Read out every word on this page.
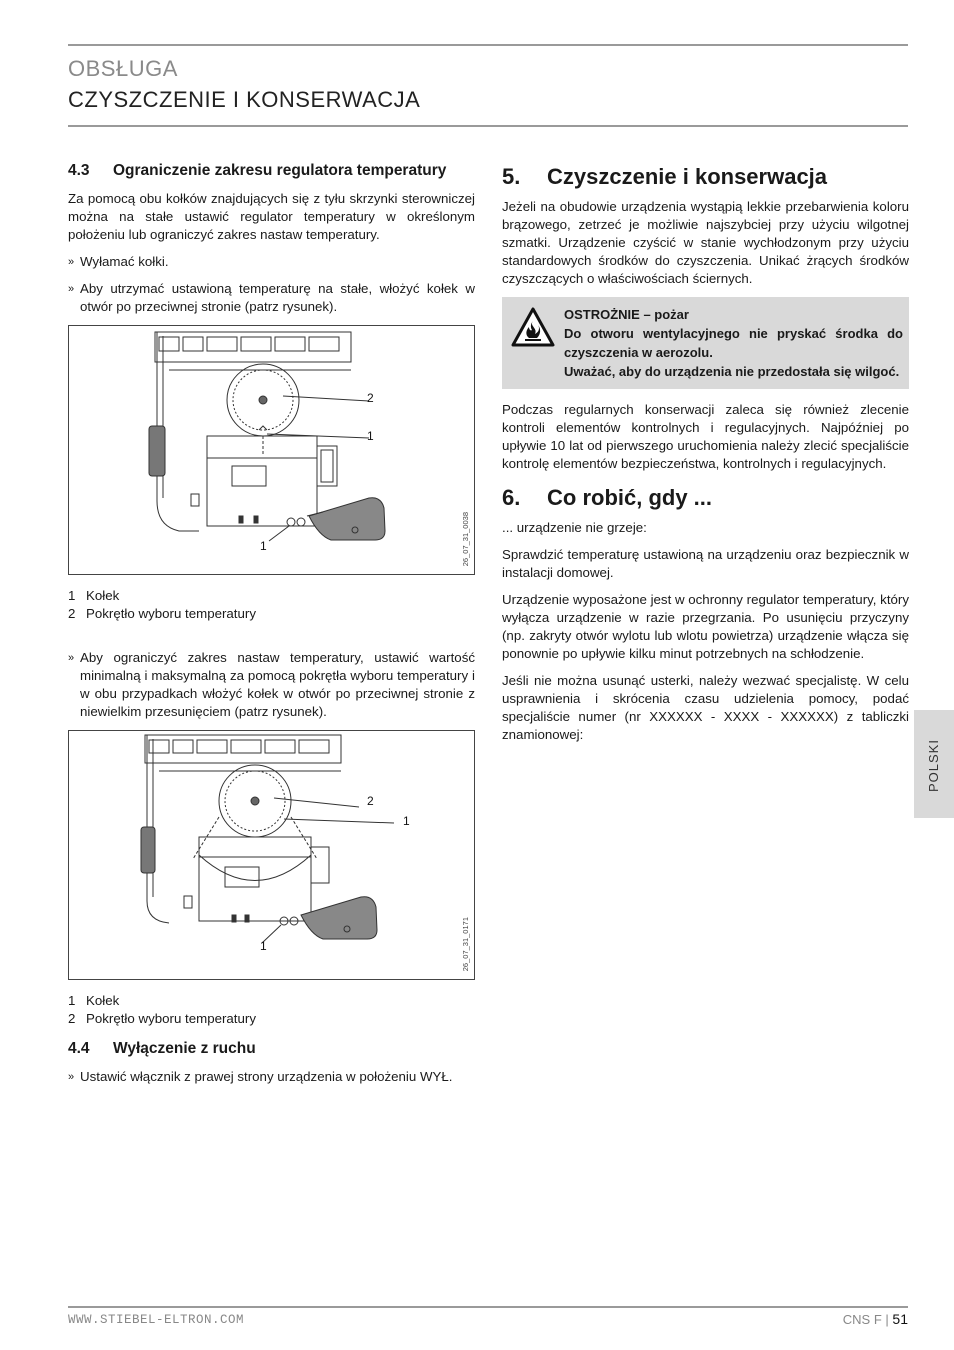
OBSŁUGA
CZYSZCZENIE I KONSERWACJA
4.3	Ograniczenie zakresu regulatora temperatury

Za pomocą obu kołków znajdujących się z tyłu skrzynki sterowniczej można na stałe ustawić regulator temperatury w określonym położeniu lub ograniczyć zakres nastaw temperatury.

» Wyłamać kołki.
» Aby utrzymać ustawioną temperaturę na stałe, włożyć kołek w otwór po przeciwnej stronie (patrz rysunek).
2
1
1	26_07_31_0038
1 Kołek
2 Pokrętło wyboru temperatury
» Aby ograniczyć zakres nastaw temperatury, ustawić wartość minimalną i maksymalną za pomocą pokrętła wyboru temperatury i w obu przypadkach włożyć kołek w otwór po przeciwnej stronie z niewielkim przesunięciem (patrz rysunek).
2
1
1	26_07_31_0171
1 Kołek
2 Pokrętło wyboru temperatury
4.4	Wyłączenie z ruchu
» Ustawić włącznik z prawej strony urządzenia w położeniu WYŁ.
5.	Czyszczenie i konserwacja

Jeżeli na obudowie urządzenia wystąpią lekkie przebarwienia koloru brązowego, zetrzeć je możliwie najszybciej przy użyciu wilgotnej szmatki. Urządzenie czyścić w stanie wychłodzonym przy użyciu standardowych środków do czyszczenia. Unikać żrących środków czyszczących o właściwościach ściernych.

OSTROŻNIE – pożar
Do otworu wentylacyjnego nie pryskać środka do czyszczenia w aerozolu.
Uważać, aby do urządzenia nie przedostała się wilgoć.

Podczas regularnych konserwacji zaleca się również zlecenie kontroli elementów kontrolnych i regulacyjnych. Najpóźniej po upływie 10 lat od pierwszego uruchomienia należy zlecić specjaliście kontrolę elementów bezpieczeństwa, kontrolnych i regulacyjnych.

6.	Co robić, gdy ...

... urządzenie nie grzeje:

Sprawdzić temperaturę ustawioną na urządzeniu oraz bezpiecznik w instalacji domowej.

Urządzenie wyposażone jest w ochronny regulator temperatury, który wyłącza urządzenie w razie przegrzania. Po usunięciu przyczyny (np. zakryty otwór wylotu lub wlotu powietrza) urządzenie włącza się ponownie po upływie kilku minut potrzebnych na schłodzenie.

Jeśli nie można usunąć usterki, należy wezwać specjalistę. W celu usprawnienia i skrócenia czasu udzielenia pomocy, podać specjaliście numer (nr XXXXXX - XXXX - XXXXXX) z tabliczki znamionowej:

POLSKI
WWW.STIEBEL-ELTRON.COM	CNS F | 51
